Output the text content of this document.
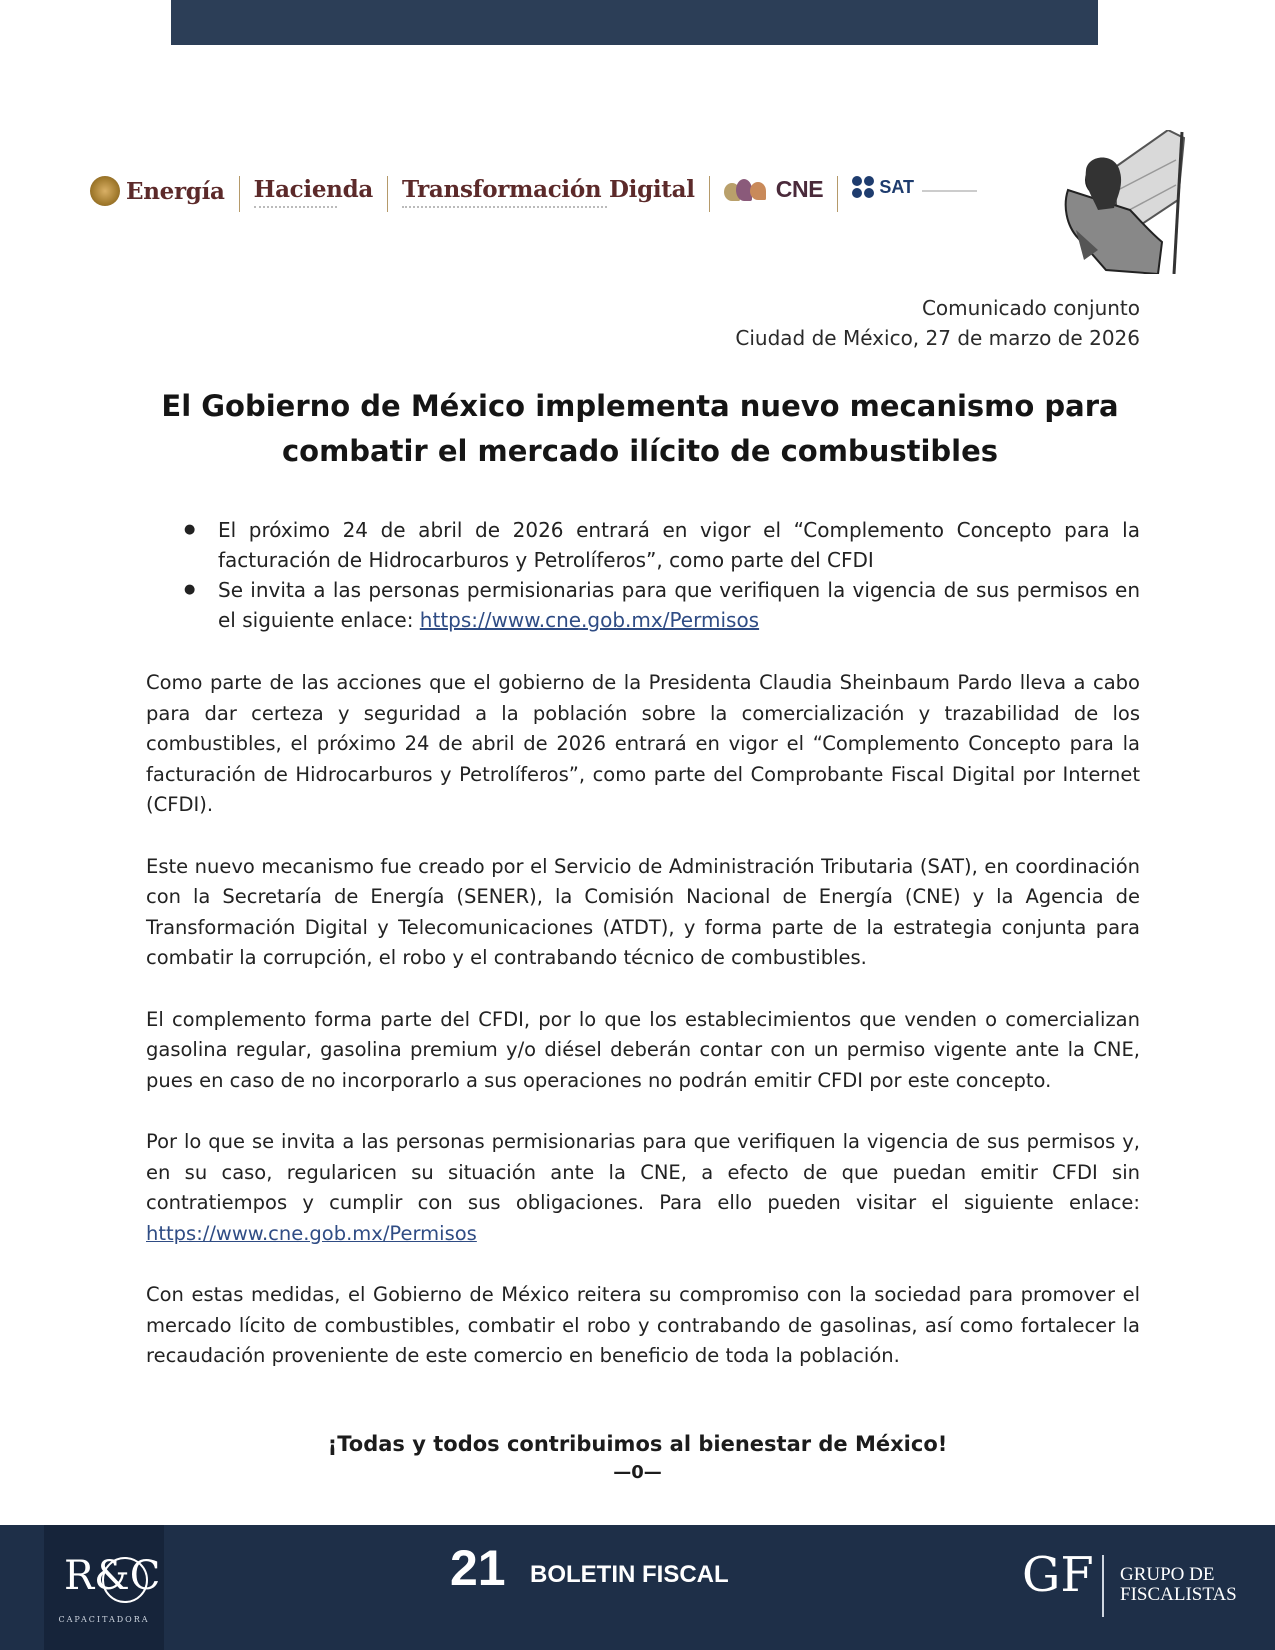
Energía Hacienda Transformación Digital	CNE	SAT
Comunicado conjunto
Ciudad de México, 27 de marzo de 2026
El Gobierno de México implementa nuevo mecanismo para
combatir el mercado ilícito de combustibles
● El próximo 24 de abril de 2026 entrará en vigor el “Complemento Concepto para la facturación de Hidrocarburos y Petrolíferos”, como parte del CFDI
● Se invita a las personas permisionarias para que verifiquen la vigencia de sus permisos en el siguiente enlace: https://www.cne.gob.mx/Permisos

Como parte de las acciones que el gobierno de la Presidenta Claudia Sheinbaum Pardo lleva a cabo para dar certeza y seguridad a la población sobre la comercialización y trazabilidad de los combustibles, el próximo 24 de abril de 2026 entrará en vigor el “Complemento Concepto para la facturación de Hidrocarburos y Petrolíferos”, como parte del Comprobante Fiscal Digital por Internet (CFDI).

Este nuevo mecanismo fue creado por el Servicio de Administración Tributaria (SAT), en coordinación con la Secretaría de Energía (SENER), la Comisión Nacional de Energía (CNE) y la Agencia de Transformación Digital y Telecomunicaciones (ATDT), y forma parte de la estrategia conjunta para combatir la corrupción, el robo y el contrabando técnico de combustibles.

El complemento forma parte del CFDI, por lo que los establecimientos que venden o comercializan gasolina regular, gasolina premium y/o diésel deberán contar con un permiso vigente ante la CNE, pues en caso de no incorporarlo a sus operaciones no podrán emitir CFDI por este concepto.

Por lo que se invita a las personas permisionarias para que verifiquen la vigencia de sus permisos y, en su caso, regularicen su situación ante la CNE, a efecto de que puedan emitir CFDI sin contratiempos y cumplir con sus obligaciones. Para ello pueden visitar el siguiente enlace: https://www.cne.gob.mx/Permisos

Con estas medidas, el Gobierno de México reitera su compromiso con la sociedad para promover el mercado lícito de combustibles, combatir el robo y contrabando de gasolinas, así como fortalecer la recaudación proveniente de este comercio en beneficio de toda la población.

¡Todas y todos contribuimos al bienestar de México!
—0—
R&C
CAPACITADORA
21 BOLETIN FISCAL	GF GRUPO DE
FISCALISTAS
